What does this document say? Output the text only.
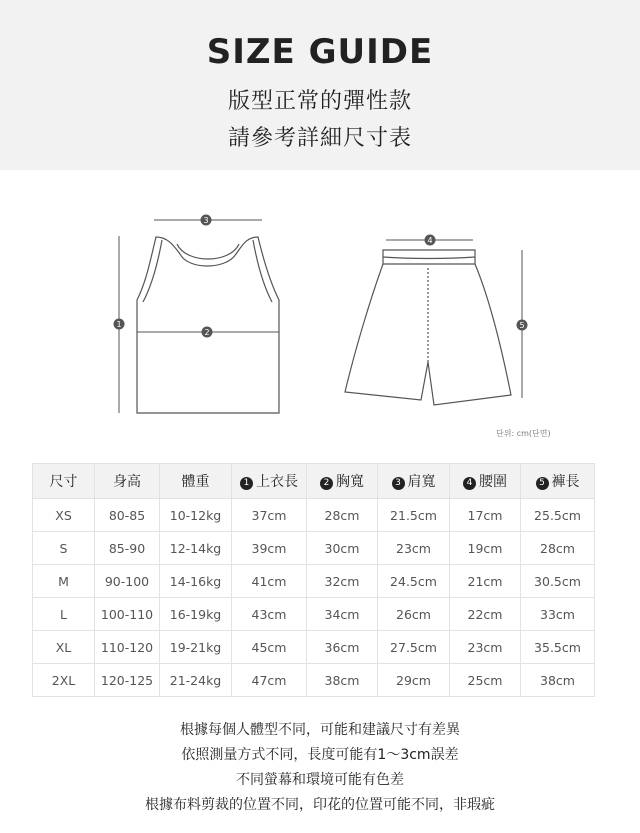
SIZE GUIDE
版型正常的彈性款
請參考詳細尺寸表
3
1
2
4
5
단위: cm(단면)
尺寸	身高	體重	1 上衣長	2 胸寬	3 肩寬	4 腰圍	5 褲長
XS	80-85	10-12kg	37cm	28cm	21.5cm	17cm	25.5cm
S	85-90	12-14kg	39cm	30cm	23cm	19cm	28cm
M	90-100	14-16kg	41cm	32cm	24.5cm	21cm	30.5cm
L	100-110	16-19kg	43cm	34cm	26cm	22cm	33cm
XL	110-120	19-21kg	45cm	36cm	27.5cm	23cm	35.5cm
2XL	120-125	21-24kg	47cm	38cm	29cm	25cm	38cm
根據每個人體型不同，可能和建議尺寸有差異
依照測量方式不同，長度可能有1～3cm誤差
不同螢幕和環境可能有色差
根據布料剪裁的位置不同，印花的位置可能不同，非瑕疵
